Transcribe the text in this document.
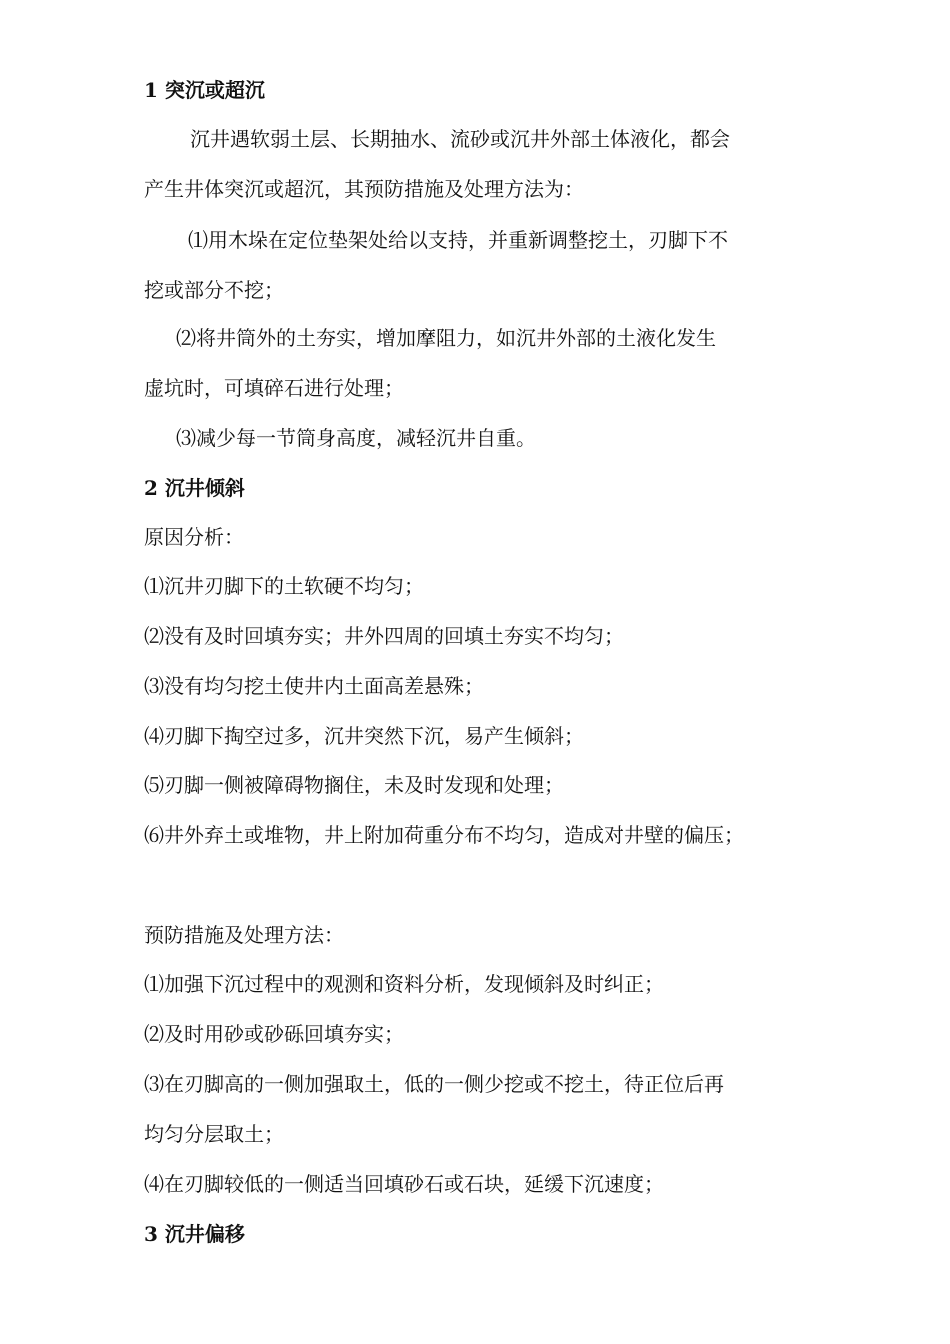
1 突沉或超沉
沉井遇软弱土层、长期抽水、流砂或沉井外部土体液化，都会
产生井体突沉或超沉，其预防措施及处理方法为：
⑴用木垛在定位垫架处给以支持，并重新调整挖土，刃脚下不
挖或部分不挖；
⑵将井筒外的土夯实，增加摩阻力，如沉井外部的土液化发生
虚坑时，可填碎石进行处理；
⑶减少每一节筒身高度，减轻沉井自重。
2 沉井倾斜
原因分析：
⑴沉井刃脚下的土软硬不均匀；
⑵没有及时回填夯实；井外四周的回填土夯实不均匀；
⑶没有均匀挖土使井内土面高差悬殊；
⑷刃脚下掏空过多，沉井突然下沉，易产生倾斜；
⑸刃脚一侧被障碍物搁住，未及时发现和处理；
⑹井外弃土或堆物，井上附加荷重分布不均匀，造成对井壁的偏压；
预防措施及处理方法：
⑴加强下沉过程中的观测和资料分析，发现倾斜及时纠正；
⑵及时用砂或砂砾回填夯实；
⑶在刃脚高的一侧加强取土，低的一侧少挖或不挖土，待正位后再
均匀分层取土；
⑷在刃脚较低的一侧适当回填砂石或石块，延缓下沉速度；
3 沉井偏移
